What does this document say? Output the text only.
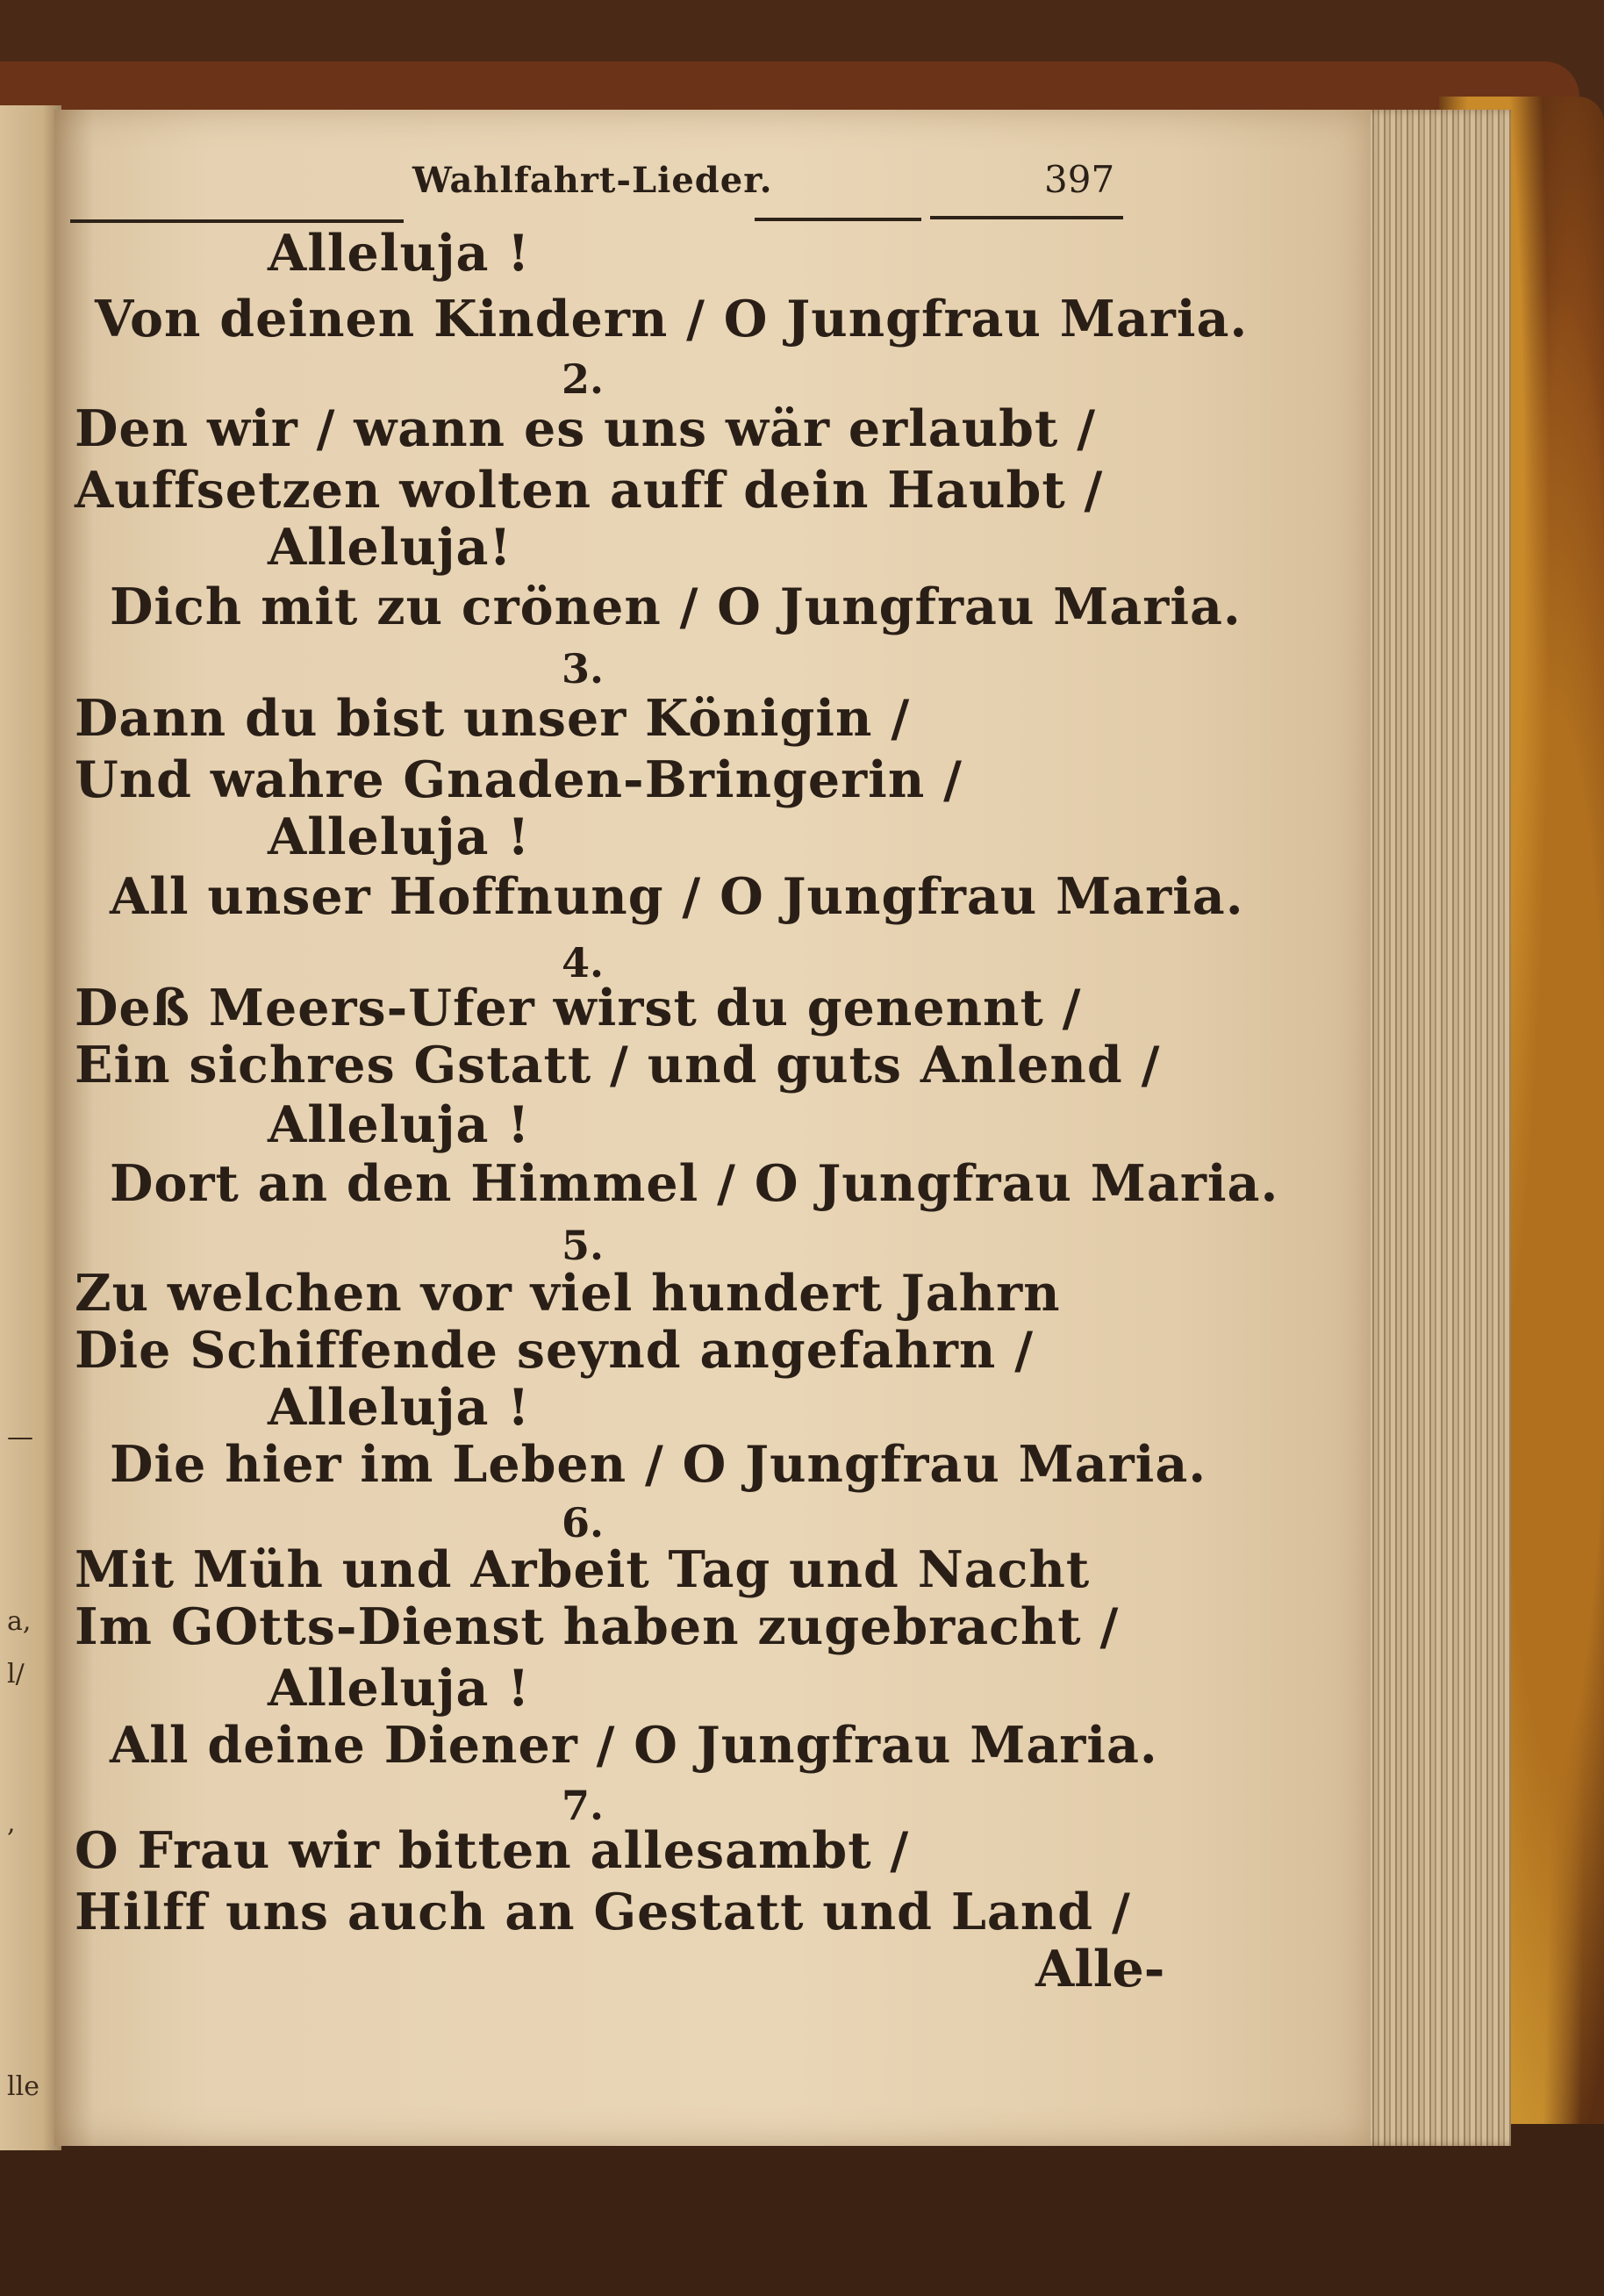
—
a,
l/
,
lle
Wahlfahrt-Lieder.	397
Alleluja !
Von deinen Kindern / O Jungfrau Maria.
2.
Den wir / wann es uns wär erlaubt /
Auffsetzen wolten auff dein Haubt /
Alleluja!
Dich mit zu crönen / O Jungfrau Maria.
3.
Dann du bist unser Königin /
Und wahre Gnaden-Bringerin /
Alleluja !
All unser Hoffnung / O Jungfrau Maria.
4.
Deß Meers-Ufer wirst du genennt /
Ein sichres Gstatt / und guts Anlend /
Alleluja !
Dort an den Himmel / O Jungfrau Maria.
5.
Zu welchen vor viel hundert Jahrn
Die Schiffende seynd angefahrn /
Alleluja !
Die hier im Leben / O Jungfrau Maria.
6.
Mit Müh und Arbeit Tag und Nacht
Im GOtts-Dienst haben zugebracht /
Alleluja !
All deine Diener / O Jungfrau Maria.
7.
O Frau wir bitten allesambt /
Hilff uns auch an Gestatt und Land /
Alle-
